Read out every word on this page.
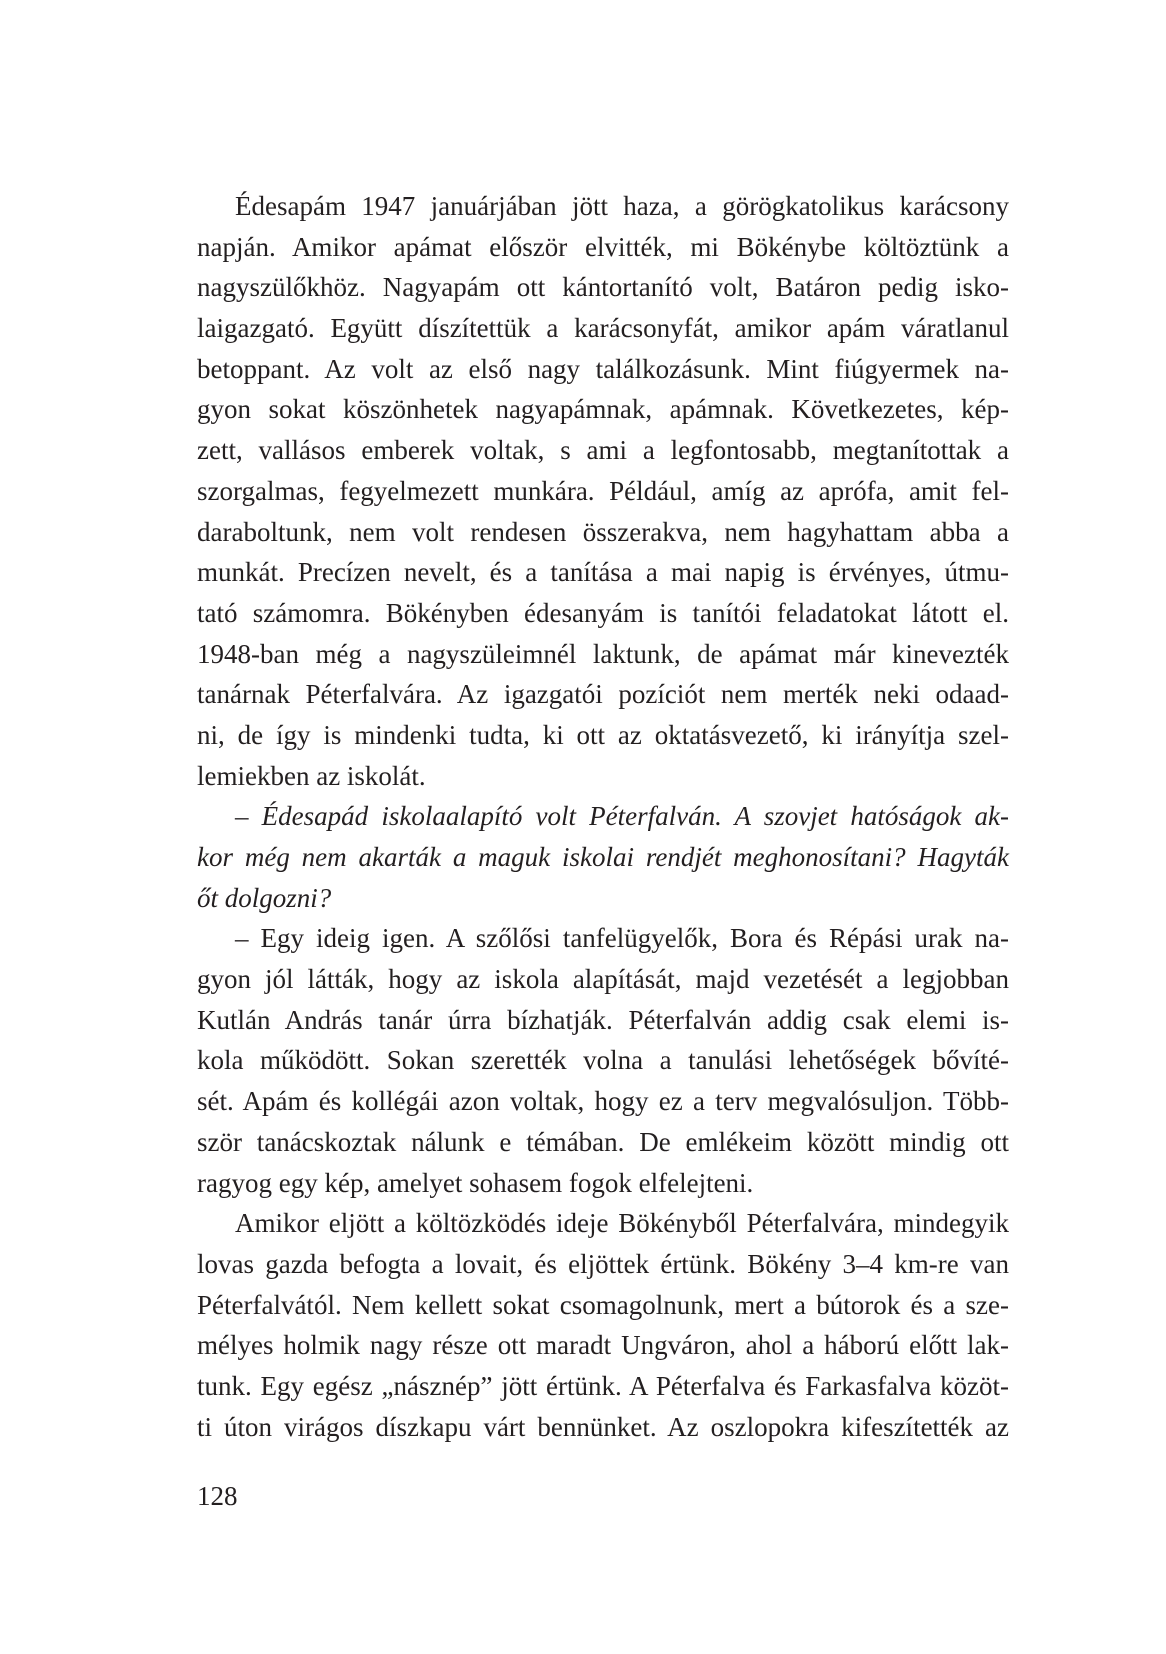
Édesapám 1947 januárjában jött haza, a görögkatolikus karácsony
napján. Amikor apámat először elvitték, mi Bökénybe költöztünk a
nagyszülőkhöz. Nagyapám ott kántortanító volt, Batáron pedig isko-
laigazgató. Együtt díszítettük a karácsonyfát, amikor apám váratlanul
betoppant. Az volt az első nagy találkozásunk. Mint fiúgyermek na-
gyon sokat köszönhetek nagyapámnak, apámnak. Következetes, kép-
zett, vallásos emberek voltak, s ami a legfontosabb, megtanítottak a
szorgalmas, fegyelmezett munkára. Például, amíg az aprófa, amit fel-
daraboltunk, nem volt rendesen összerakva, nem hagyhattam abba a
munkát. Precízen nevelt, és a tanítása a mai napig is érvényes, útmu-
tató számomra. Bökényben édesanyám is tanítói feladatokat látott el.
1948-ban még a nagyszüleimnél laktunk, de apámat már kinevezték
tanárnak Péterfalvára. Az igazgatói pozíciót nem merték neki odaad-
ni, de így is mindenki tudta, ki ott az oktatásvezető, ki irányítja szel-
lemiekben az iskolát.
– Édesapád iskolaalapító volt Péterfalván. A szovjet hatóságok ak-
kor még nem akarták a maguk iskolai rendjét meghonosítani? Hagyták
őt dolgozni?
– Egy ideig igen. A szőlősi tanfelügyelők, Bora és Répási urak na-
gyon jól látták, hogy az iskola alapítását, majd vezetését a legjobban
Kutlán András tanár úrra bízhatják. Péterfalván addig csak elemi is-
kola működött. Sokan szerették volna a tanulási lehetőségek bővíté-
sét. Apám és kollégái azon voltak, hogy ez a terv megvalósuljon. Több-
ször tanácskoztak nálunk e témában. De emlékeim között mindig ott
ragyog egy kép, amelyet sohasem fogok elfelejteni.
Amikor eljött a költözködés ideje Bökényből Péterfalvára, mindegyik
lovas gazda befogta a lovait, és eljöttek értünk. Bökény 3–4 km-re van
Péterfalvától. Nem kellett sokat csomagolnunk, mert a bútorok és a sze-
mélyes holmik nagy része ott maradt Ungváron, ahol a háború előtt lak-
tunk. Egy egész „násznép” jött értünk. A Péterfalva és Farkasfalva közöt-
ti úton virágos díszkapu várt bennünket. Az oszlopokra kifeszítették az
128
